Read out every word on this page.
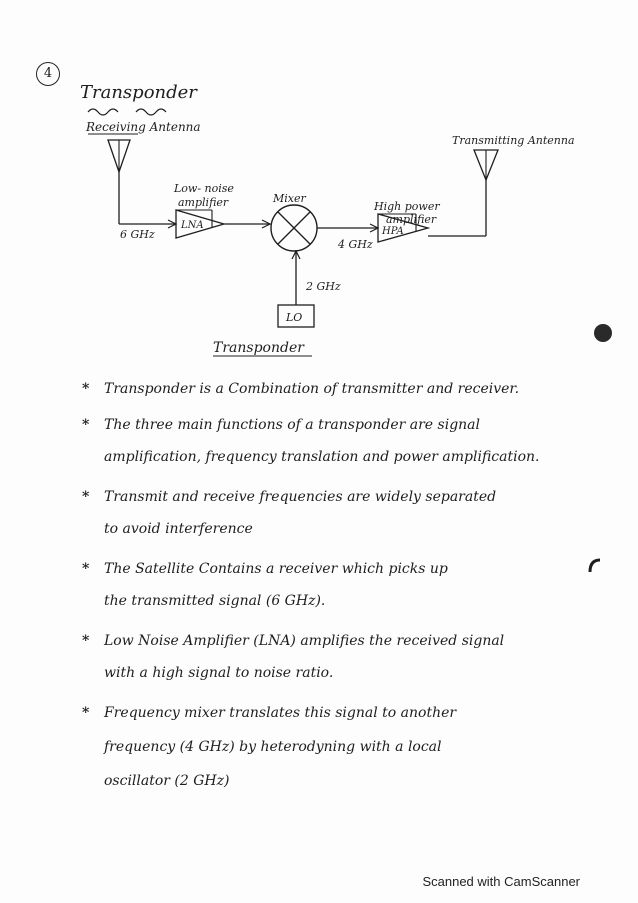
4
Transponder
Receiving Antenna
6 GHz
LNA
Low- noise
amplifier	Mixer
4 GHz
HPA
High power
amplifier
Transmitting Antenna
LO
2 GHz
Transponder
* Transponder is a Combination of transmitter and receiver.
* The three main functions of a transponder are signal
amplification, frequency translation and power amplification.
* Transmit and receive frequencies are widely separated
to avoid interference
* The Satellite Contains a receiver which picks up
the transmitted signal (6 GHz).
* Low Noise Amplifier (LNA) amplifies the received signal
with a high signal to noise ratio.
* Frequency mixer translates this signal to another
frequency (4 GHz) by heterodyning with a local
oscillator (2 GHz)
Scanned with CamScanner
